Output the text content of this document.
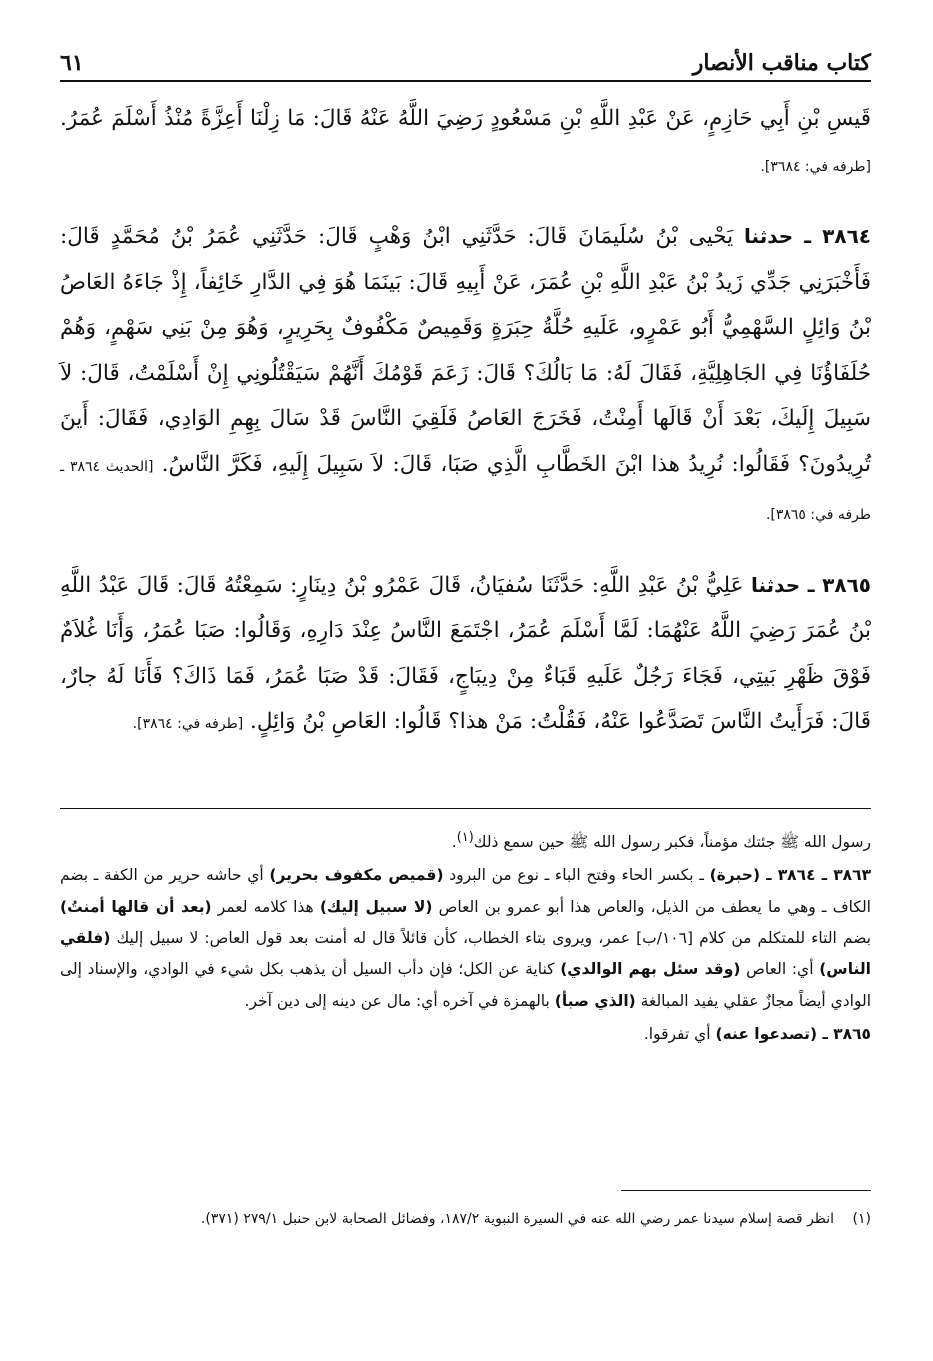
كتاب مناقب الأنصار
٦١

قَيسِ بْنِ أَبِي حَازِمٍ، عَنْ عَبْدِ اللَّهِ بْنِ مَسْعُودٍ رَضِيَ اللَّهُ عَنْهُ قَالَ: مَا زِلْنَا أَعِزَّةً مُنْذُ أَسْلَمَ عُمَرُ. [طرفه في: ٣٦٨٤].

٣٨٦٤ ـ حدثنا يَحْيى بْنُ سُلَيمَانَ قَالَ: حَدَّثَنِي ابْنُ وَهْبٍ قَالَ: حَدَّثَنِي عُمَرُ بْنُ مُحَمَّدٍ قَالَ: فَأَخْبَرَنِي جَدِّي زَيدُ بْنُ عَبْدِ اللَّهِ بْنِ عُمَرَ، عَنْ أَبِيهِ قَالَ: بَينَمَا هُوَ فِي الدَّارِ خَائِفاً، إِذْ جَاءَهُ العَاصُ بْنُ وَائِلٍ السَّهْمِيُّ أَبُو عَمْرٍو، عَلَيهِ حُلَّةُ حِبَرَةٍ وَقَمِيصٌ مَكْفُوفٌ بِحَرِيرٍ، وَهُوَ مِنْ بَنِي سَهْمٍ، وَهُمْ حُلَفَاؤُنَا فِي الجَاهِلِيَّةِ، فَقَالَ لَهُ: مَا بَالُكَ؟ قَالَ: زَعَمَ قَوْمُكَ أَنَّهُمْ سَيَقْتُلُونِي إِنْ أَسْلَمْتُ، قَالَ: لاَ سَبِيلَ إِلَيكَ، بَعْدَ أَنْ قَالَها أَمِنْتُ، فَخَرَجَ العَاصُ فَلَقِيَ النَّاسَ قَدْ سَالَ بِهِمِ الوَادِي، فَقَالَ: أَينَ تُرِيدُونَ؟ فَقَالُوا: نُرِيدُ هذا ابْنَ الخَطَّابِ الَّذِي صَبَا، قَالَ: لاَ سَبِيلَ إِلَيهِ، فَكَرَّ النَّاسُ. [الحديث ٣٨٦٤ ـ طرفه في: ٣٨٦٥].

٣٨٦٥ ـ حدثنا عَلِيُّ بْنُ عَبْدِ اللَّهِ: حَدَّثَنَا سُفيَانُ، قَالَ عَمْرُو بْنُ دِينَارٍ: سَمِعْتُهُ قَالَ: قَالَ عَبْدُ اللَّهِ بْنُ عُمَرَ رَضِيَ اللَّهُ عَنْهُمَا: لَمَّا أَسْلَمَ عُمَرُ، اجْتَمَعَ النَّاسُ عِنْدَ دَارِهِ، وَقَالُوا: صَبَا عُمَرُ، وَأَنَا غُلاَمٌ فَوْقَ ظَهْرِ بَيتِي، فَجَاءَ رَجُلٌ عَلَيهِ قَبَاءٌ مِنْ دِيبَاجٍ، فَقَالَ: قَدْ صَبَا عُمَرُ، فَمَا ذَاكَ؟ فَأَنَا لَهُ جارٌ، قَالَ: فَرَأَيتُ النَّاسَ تَصَدَّعُوا عَنْهُ، فَقُلْتُ: مَنْ هذا؟ قَالُوا: العَاصِ بْنُ وَائِلٍ. [طرفه في: ٣٨٦٤].

رسول الله ﷺ جئتك مؤمناً، فكبر رسول الله ﷺ حين سمع ذلك$^{(١)}$.

٣٨٦٣ ـ ٣٨٦٤ ـ (حبرة) ـ بكسر الحاء وفتح الباء ـ نوع من البرود (قميص مكفوف بحرير) أي حاشه حرير من الكفة ـ بضم الكاف ـ وهي ما يعطف من الذيل، والعاص هذا أبو عمرو بن العاص (لا سبيل إليك) هذا كلامه لعمر (بعد أن قالها أمنتُ) بضم التاء للمتكلم من كلام [١٠٦/ب] عمر، ويروى بتاء الخطاب، كأن قائلاً قال له أمنت بعد قول العاص: لا سبيل إليك (فلقي الناس) أي: العاص (وقد سئل بهم الوالدي) كناية عن الكل؛ فإن دأب السيل أن يذهب بكل شيء في الوادي، والإسناد إلى الوادي أيضاً مجازٌ عقلي يفيد المبالغة (الذي صبأ) بالهمزة في آخره أي: مال عن دينه إلى دين آخر.

٣٨٦٥ ـ (تصدعوا عنه) أي تفرقوا.

(١) انظر قصة إسلام سيدنا عمر رضي الله عنه في السيرة النبوية ١٨٧/٢، وفضائل الصحابة لابن حنبل ٢٧٩/١ (٣٧١).
